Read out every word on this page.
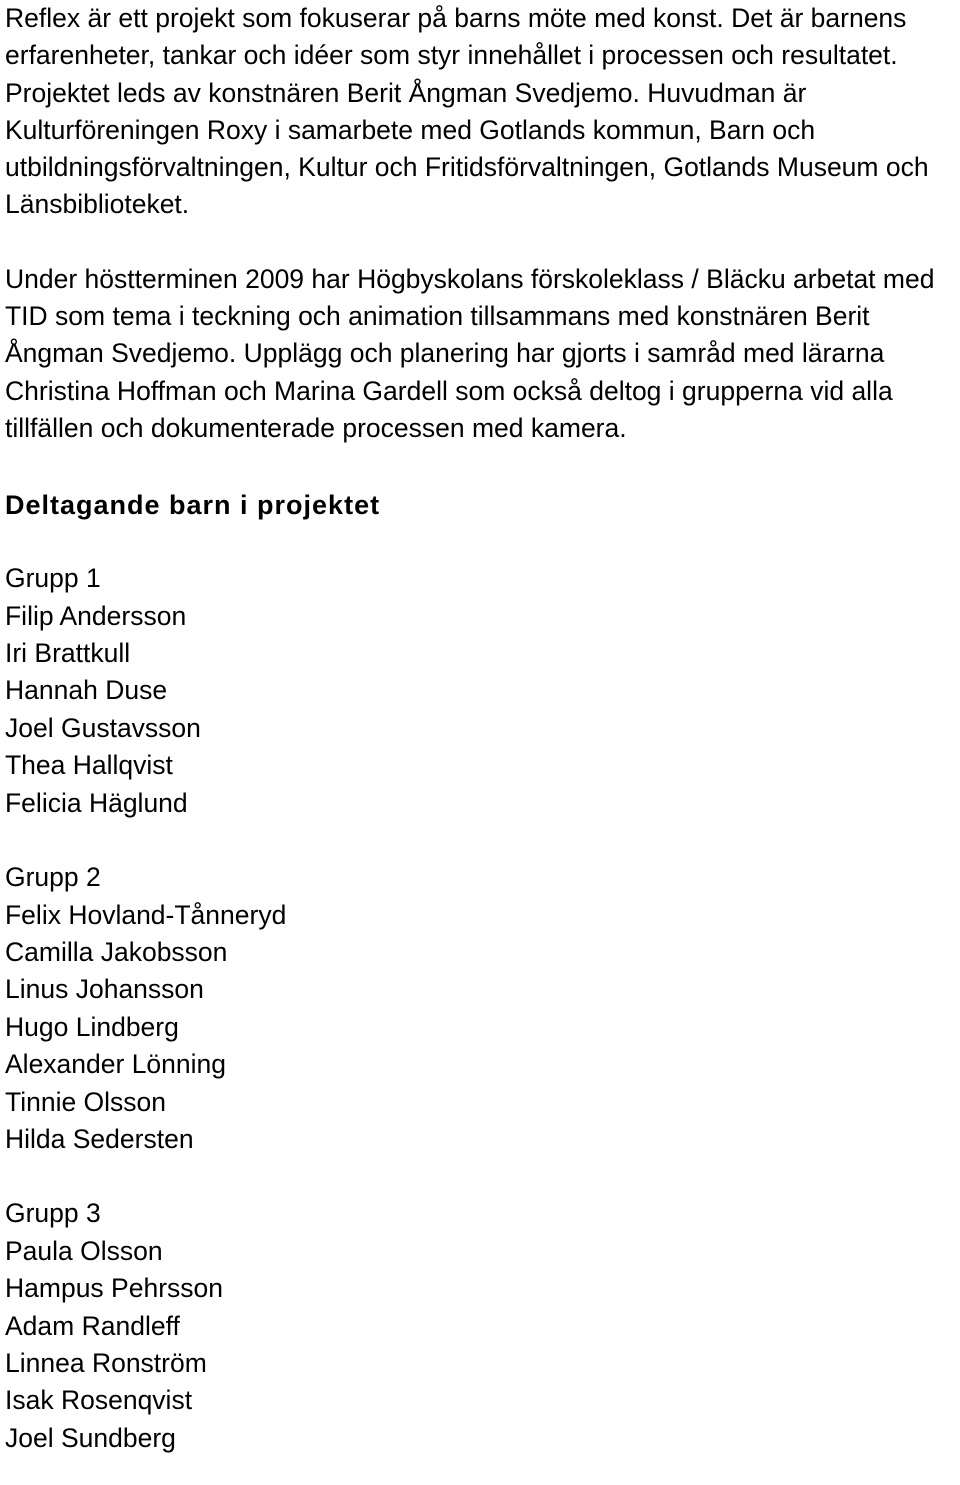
Reflex är ett projekt som fokuserar på barns möte med konst. Det är barnens erfarenheter, tankar och idéer som styr innehållet i processen och resultatet. Projektet leds av konstnären Berit Ångman Svedjemo. Huvudman är Kulturföreningen Roxy i samarbete med Gotlands kommun, Barn och utbildningsförvaltningen, Kultur och Fritidsförvaltningen, Gotlands Museum och Länsbiblioteket.

Under höstterminen 2009 har Högbyskolans förskoleklass / Bläcku arbetat med TID som tema i teckning och animation tillsammans med konstnären Berit Ångman Svedjemo. Upplägg och planering har gjorts i samråd med lärarna Christina Hoffman och Marina Gardell som också deltog i grupperna vid alla tillfällen och dokumenterade processen med kamera.

Deltagande barn i projektet
Grupp 1
Filip Andersson
Iri Brattkull
Hannah Duse
Joel Gustavsson
Thea Hallqvist
Felicia Häglund
Grupp 2
Felix Hovland-Tånneryd
Camilla Jakobsson
Linus Johansson
Hugo Lindberg
Alexander Lönning
Tinnie Olsson
Hilda Sedersten
Grupp 3
Paula Olsson
Hampus Pehrsson
Adam Randleff
Linnea Ronström
Isak Rosenqvist
Joel Sundberg
